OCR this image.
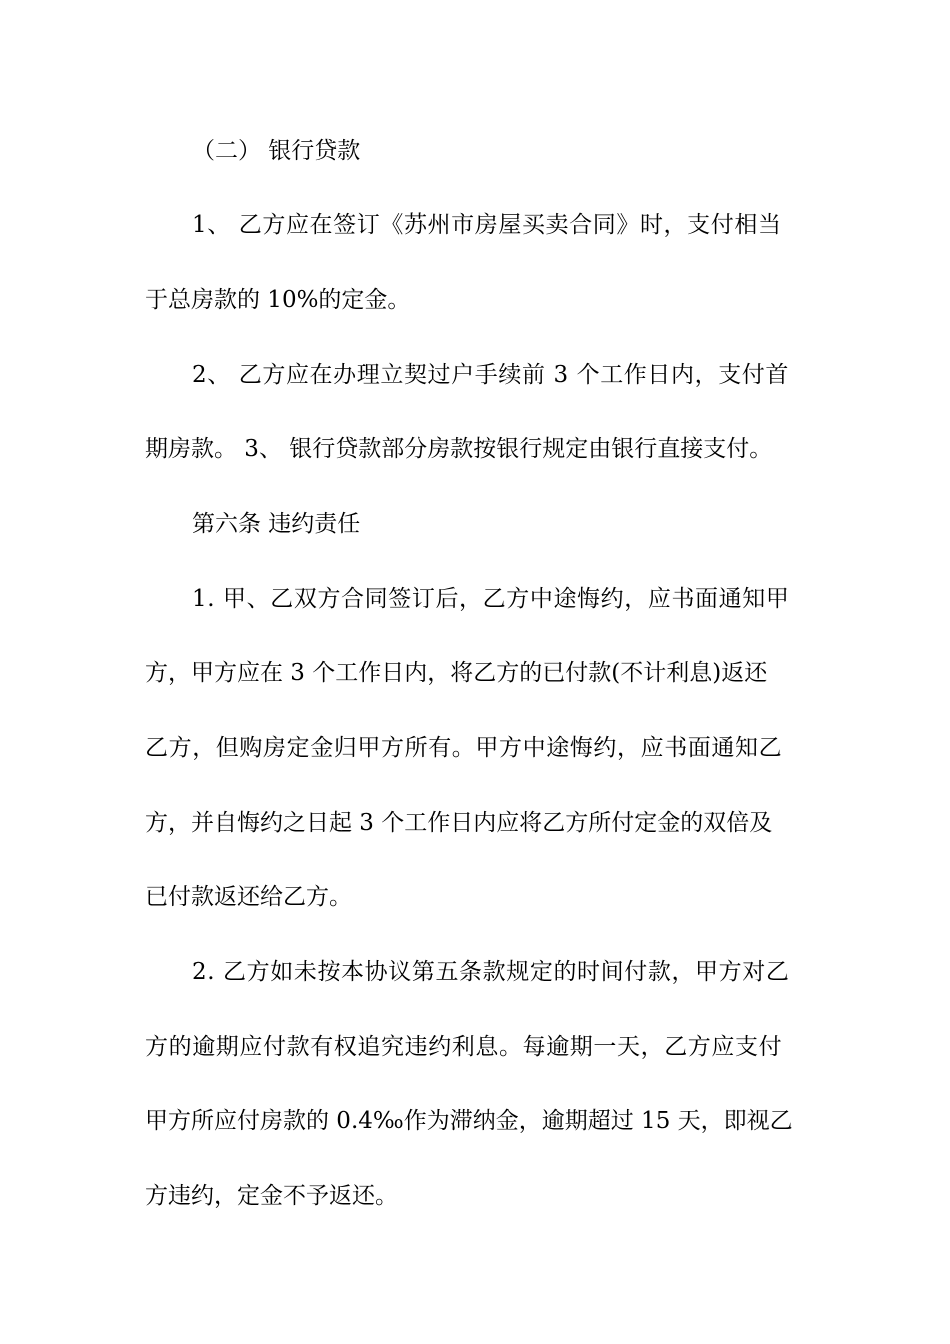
（二） 银行贷款
1、 乙方应在签订《苏州市房屋买卖合同》时，支付相当
于总房款的 10%的定金。
2、 乙方应在办理立契过户手续前 3 个工作日内，支付首
期房款。 3、 银行贷款部分房款按银行规定由银行直接支付。
第六条 违约责任
1. 甲、乙双方合同签订后，乙方中途悔约，应书面通知甲
方，甲方应在 3 个工作日内，将乙方的已付款(不计利息)返还
乙方，但购房定金归甲方所有。甲方中途悔约，应书面通知乙
方，并自悔约之日起 3 个工作日内应将乙方所付定金的双倍及
已付款返还给乙方。
2. 乙方如未按本协议第五条款规定的时间付款，甲方对乙
方的逾期应付款有权追究违约利息。每逾期一天，乙方应支付
甲方所应付房款的 0.4‰作为滞纳金，逾期超过 15 天，即视乙
方违约，定金不予返还。
